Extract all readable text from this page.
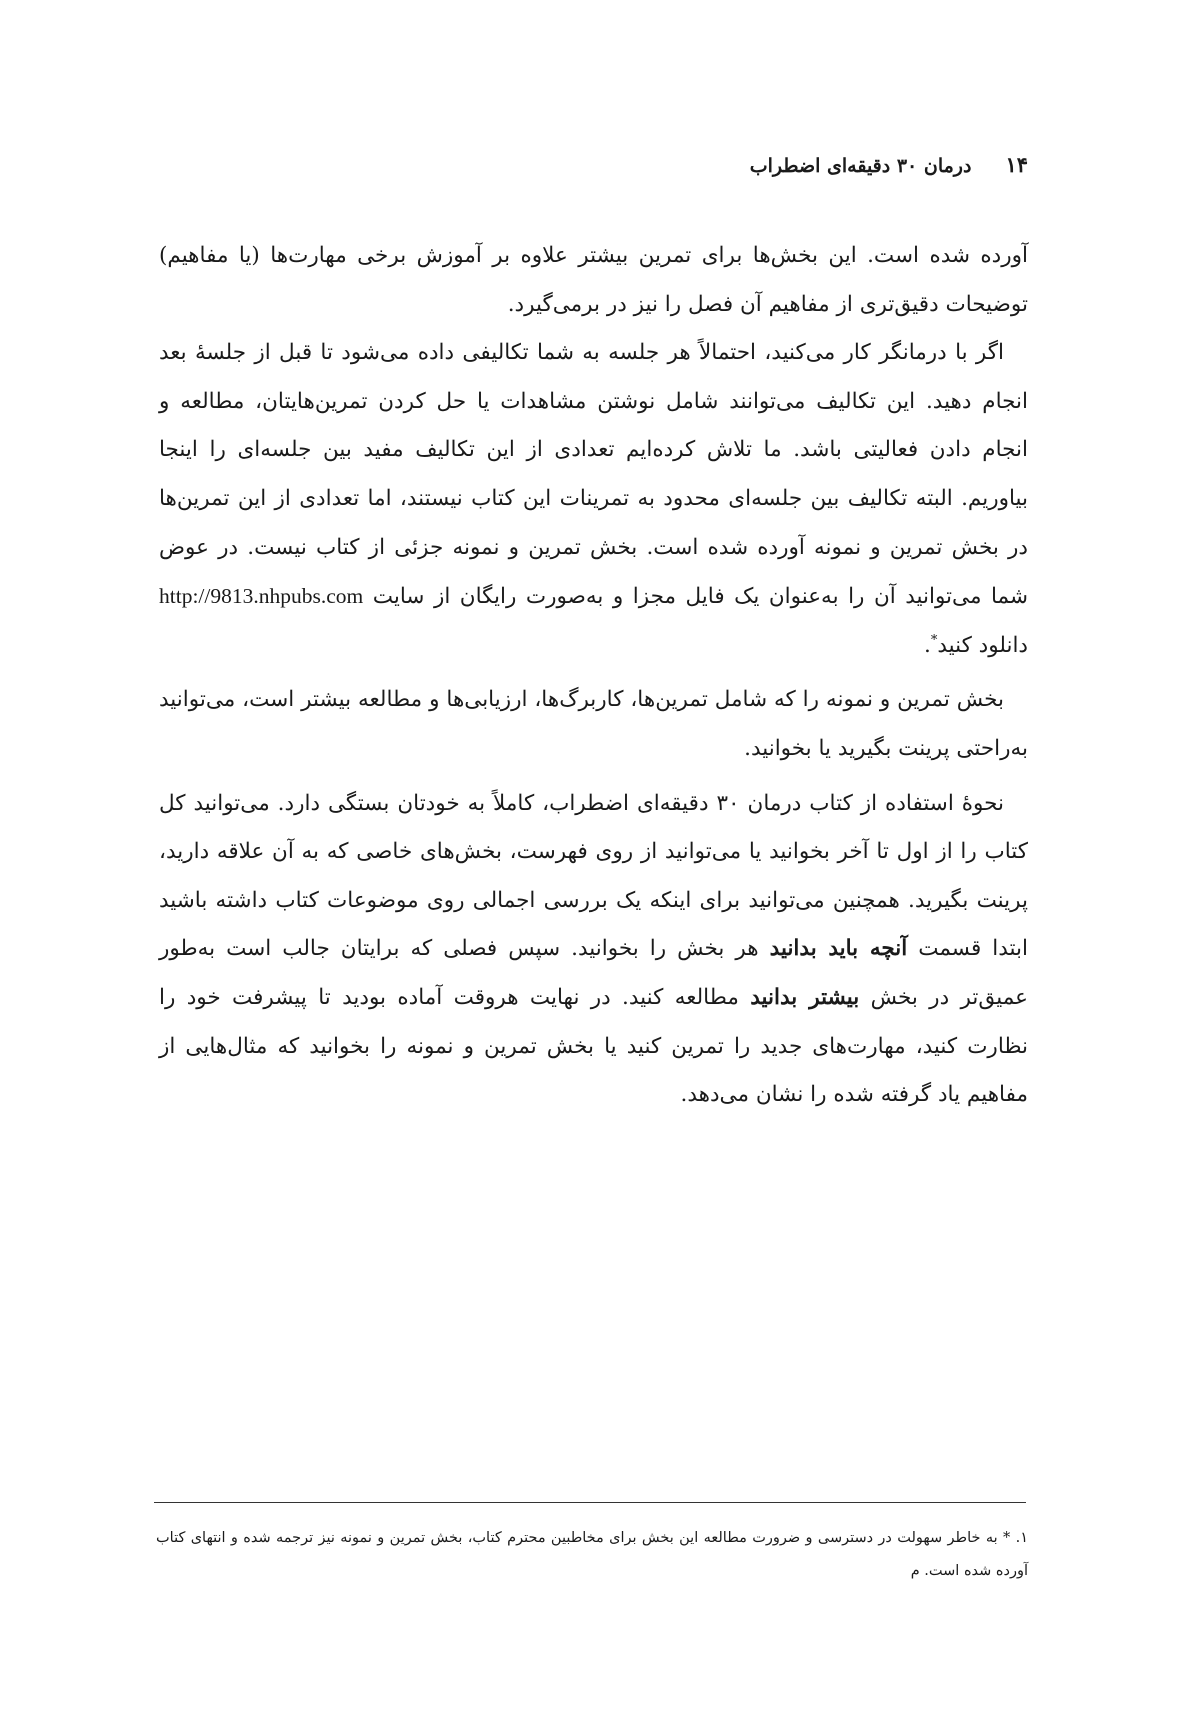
۱۴
درمان ۳۰ دقیقه‌ای اضطراب

آورده شده است. این بخش‌ها برای تمرین بیشتر علاوه بر آموزش برخی مهارت‌ها (یا مفاهیم) توضیحات دقیق‌تری از مفاهیم آن فصل را نیز در برمی‌گیرد.

اگر با درمانگر کار می‌کنید، احتمالاً هر جلسه به شما تکالیفی داده می‌شود تا قبل از جلسهٔ بعد انجام دهید. این تکالیف می‌توانند شامل نوشتن مشاهدات یا حل کردن تمرین‌هایتان، مطالعه و انجام دادن فعالیتی باشد. ما تلاش کرده‌ایم تعدادی از این تکالیف مفید بین جلسه‌ای را اینجا بیاوریم. البته تکالیف بین جلسه‌ای محدود به تمرینات این کتاب نیستند، اما تعدادی از این تمرین‌ها در بخش تمرین و نمونه آورده شده است. بخش تمرین و نمونه جزئی از کتاب نیست. در عوض شما می‌توانید آن را به‌عنوان یک فایل مجزا و به‌صورت رایگان از سایت http://9813.nhpubs.com دانلود کنید*.

بخش تمرین و نمونه را که شامل تمرین‌ها، کاربرگ‌ها، ارزیابی‌ها و مطالعه بیشتر است، می‌توانید به‌راحتی پرینت بگیرید یا بخوانید.

نحوهٔ استفاده از کتاب درمان ۳۰ دقیقه‌ای اضطراب، کاملاً به خودتان بستگی دارد. می‌توانید کل کتاب را از اول تا آخر بخوانید یا می‌توانید از روی فهرست، بخش‌های خاصی که به آن علاقه دارید، پرینت بگیرید. همچنین می‌توانید برای اینکه یک بررسی اجمالی روی موضوعات کتاب داشته باشید ابتدا قسمت آنچه باید بدانید هر بخش را بخوانید. سپس فصلی که برایتان جالب است به‌طور عمیق‌تر در بخش بیشتر بدانید مطالعه کنید. در نهایت هروقت آماده بودید تا پیشرفت خود را نظارت کنید، مهارت‌های جدید را تمرین کنید یا بخش تمرین و نمونه را بخوانید که مثال‌هایی از مفاهیم یاد گرفته شده را نشان می‌دهد.

۱. * به خاطر سهولت در دسترسی و ضرورت مطالعه این بخش برای مخاطبین محترم کتاب، بخش تمرین و نمونه نیز ترجمه شده و انتهای کتاب آورده شده است. م
